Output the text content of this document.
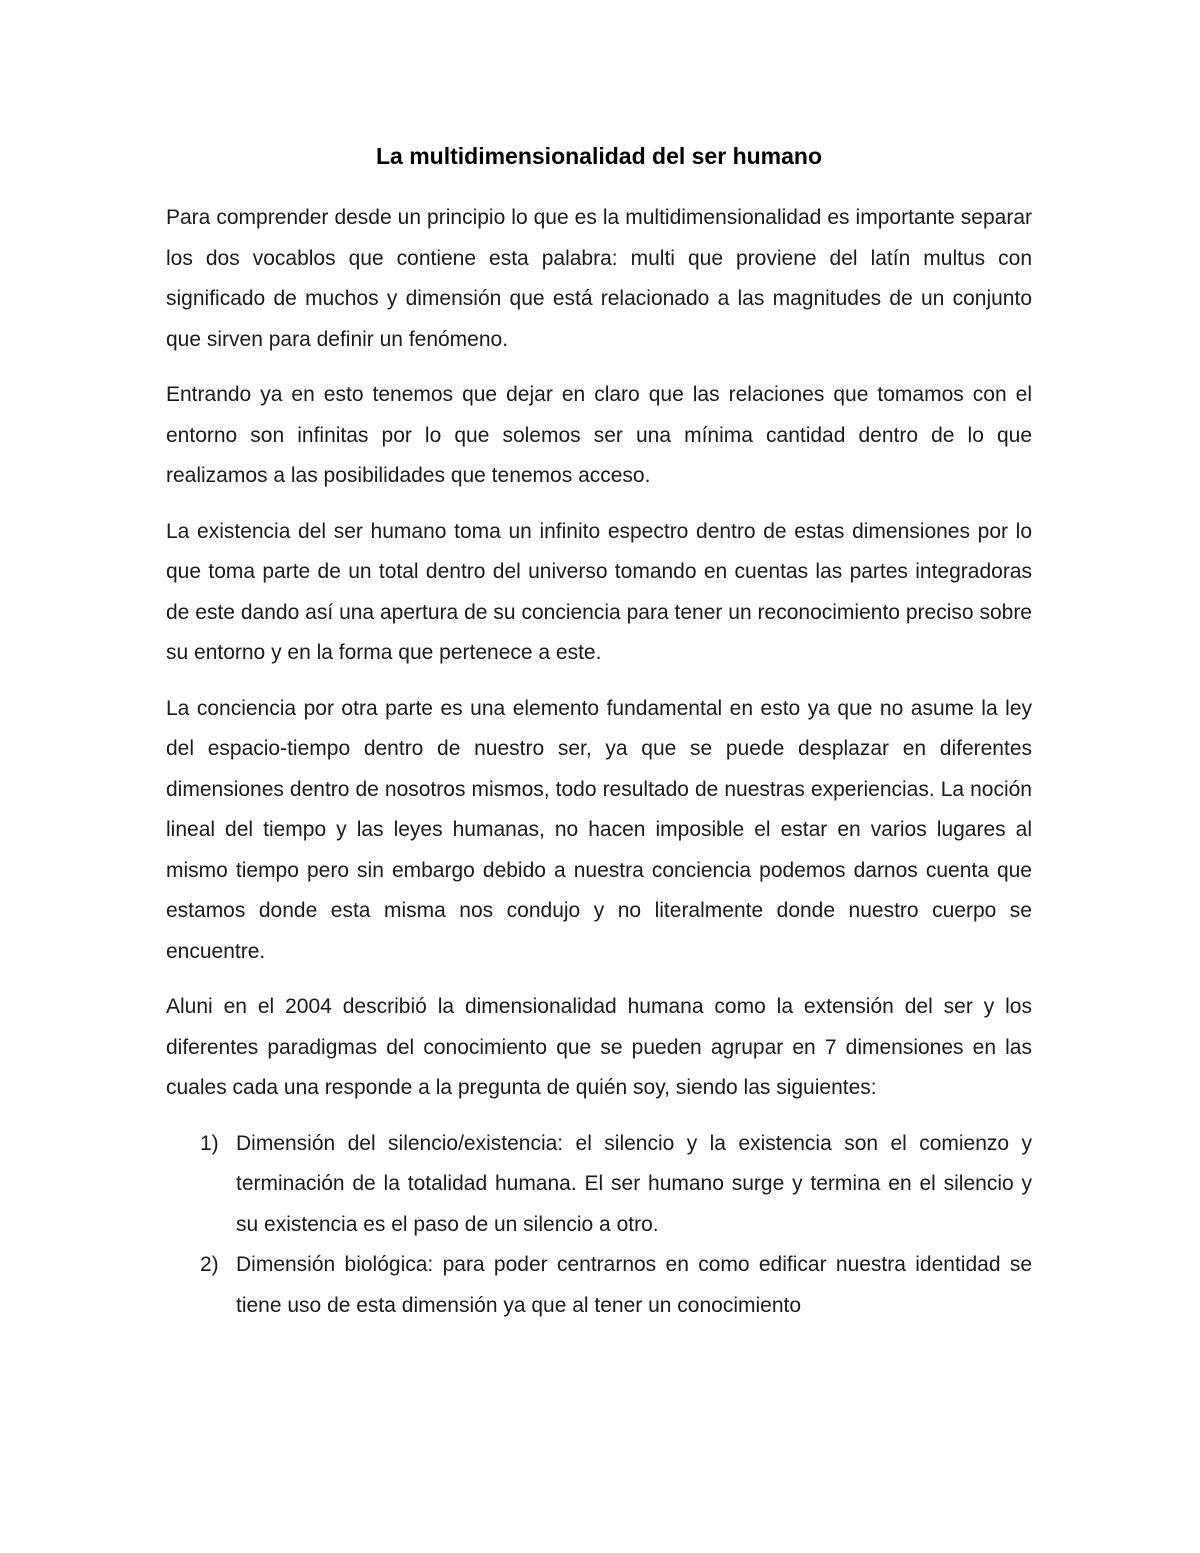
La multidimensionalidad del ser humano

Para comprender desde un principio lo que es la multidimensionalidad es importante separar los dos vocablos que contiene esta palabra: multi que proviene del latín multus con significado de muchos y dimensión que está relacionado a las magnitudes de un conjunto que sirven para definir un fenómeno.

Entrando ya en esto tenemos que dejar en claro que las relaciones que tomamos con el entorno son infinitas por lo que solemos ser una mínima cantidad dentro de lo que realizamos a las posibilidades que tenemos acceso.

La existencia del ser humano toma un infinito espectro dentro de estas dimensiones por lo que toma parte de un total dentro del universo tomando en cuentas las partes integradoras de este dando así una apertura de su conciencia para tener un reconocimiento preciso sobre su entorno y en la forma que pertenece a este.

La conciencia por otra parte es una elemento fundamental en esto ya que no asume la ley del espacio-tiempo dentro de nuestro ser, ya que se puede desplazar en diferentes dimensiones dentro de nosotros mismos, todo resultado de nuestras experiencias. La noción lineal del tiempo y las leyes humanas, no hacen imposible el estar en varios lugares al mismo tiempo pero sin embargo debido a nuestra conciencia podemos darnos cuenta que estamos donde esta misma nos condujo y no literalmente donde nuestro cuerpo se encuentre.

Aluni en el 2004 describió la dimensionalidad humana como la extensión del ser y los diferentes paradigmas del conocimiento que se pueden agrupar en 7 dimensiones en las cuales cada una responde a la pregunta de quién soy, siendo las siguientes:

1) Dimensión del silencio/existencia: el silencio y la existencia son el comienzo y terminación de la totalidad humana. El ser humano surge y termina en el silencio y su existencia es el paso de un silencio a otro.
2) Dimensión biológica: para poder centrarnos en como edificar nuestra identidad se tiene uso de esta dimensión ya que al tener un conocimiento
